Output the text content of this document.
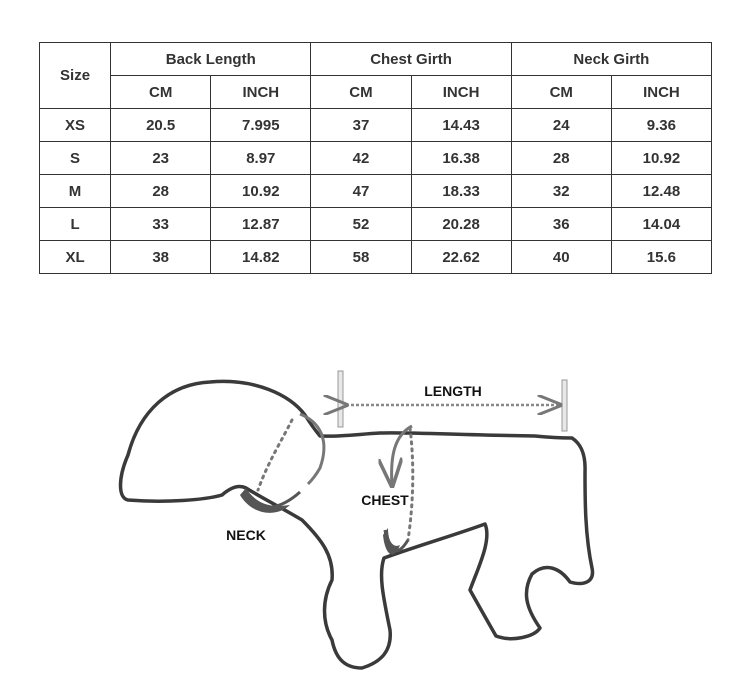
Size	Back Length		Chest Girth		Neck Girth	
	CM	INCH	CM	INCH	CM	INCH
XS	20.5	7.995	37	14.43	24	9.36
S	23	8.97	42	16.38	28	10.92
M	28	10.92	47	18.33	32	12.48
L	33	12.87	52	20.28	36	14.04
XL	38	14.82	58	22.62	40	15.6
LENGTH
NECK
CHEST
